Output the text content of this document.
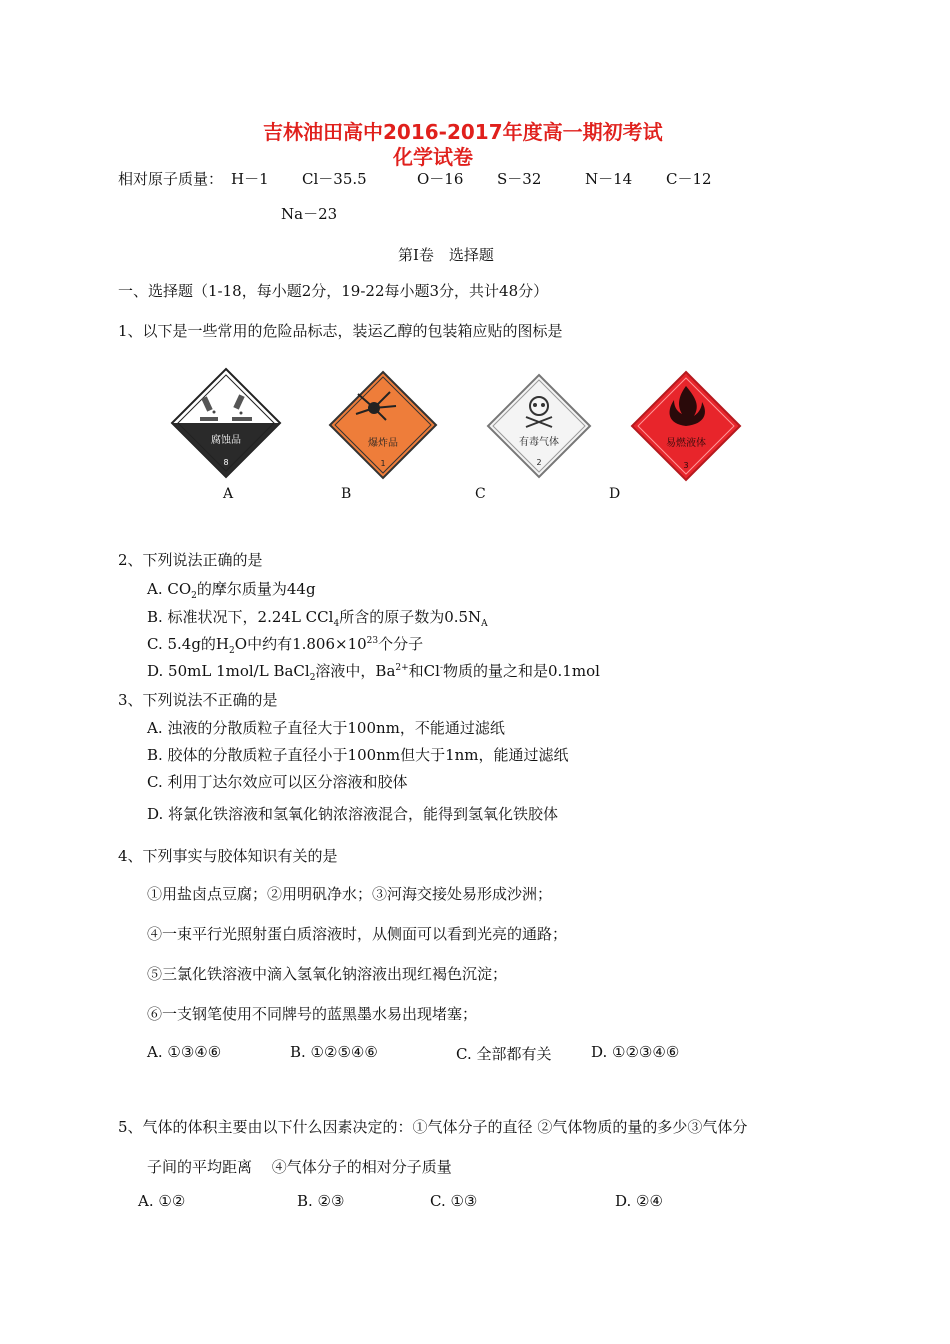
吉林油田高中2016-2017年度高一期初考试
化学试卷
相对原子质量： H－1 Cl－35.5	O－16 S－32	N－14 C－12
Na－23
第Ⅰ卷　选择题
一、选择题（1-18，每小题2分，19-22每小题3分，共计48分）
1、以下是一些常用的危险品标志，装运乙醇的包装箱应贴的图标是
腐蚀品
8
A
爆炸品
1
B
有毒气体
2
C
易燃液体
3
D
2、下列说法正确的是
A. $CO_2$的摩尔质量为44g
B. 标准状况下，2.24L CCl$_4$所含的原子数为$0.5N_A$
C. 5.4g的$H_2O$中约有$1.806\times 10^{23}$个分子
D. 50mL 1mol/L BaCl$_2$溶液中，$Ba^{2+}$和Cl-物质的量之和是0.1mol
3、下列说法不正确的是
A. 浊液的分散质粒子直径大于100nm，不能通过滤纸
B. 胶体的分散质粒子直径小于100nm但大于1nm，能通过滤纸
C. 利用丁达尔效应可以区分溶液和胶体
D. 将氯化铁溶液和氢氧化钠浓溶液混合，能得到氢氧化铁胶体
4、下列事实与胶体知识有关的是
①用盐卤点豆腐；②用明矾净水；③河海交接处易形成沙洲；
④一束平行光照射蛋白质溶液时，从侧面可以看到光亮的通路；
⑤三氯化铁溶液中滴入氢氧化钠溶液出现红褐色沉淀；
⑥一支钢笔使用不同牌号的蓝黑墨水易出现堵塞；
A. ①③④⑥	B. ①②⑤④⑥	C. 全部都有关	D. ①②③④⑥
5、气体的体积主要由以下什么因素决定的：①气体分子的直径 ②气体物质的量的多少③气体分
子间的平均距离　 ④气体分子的相对分子质量
A. ①②	B. ②③	C. ①③	D. ②④
